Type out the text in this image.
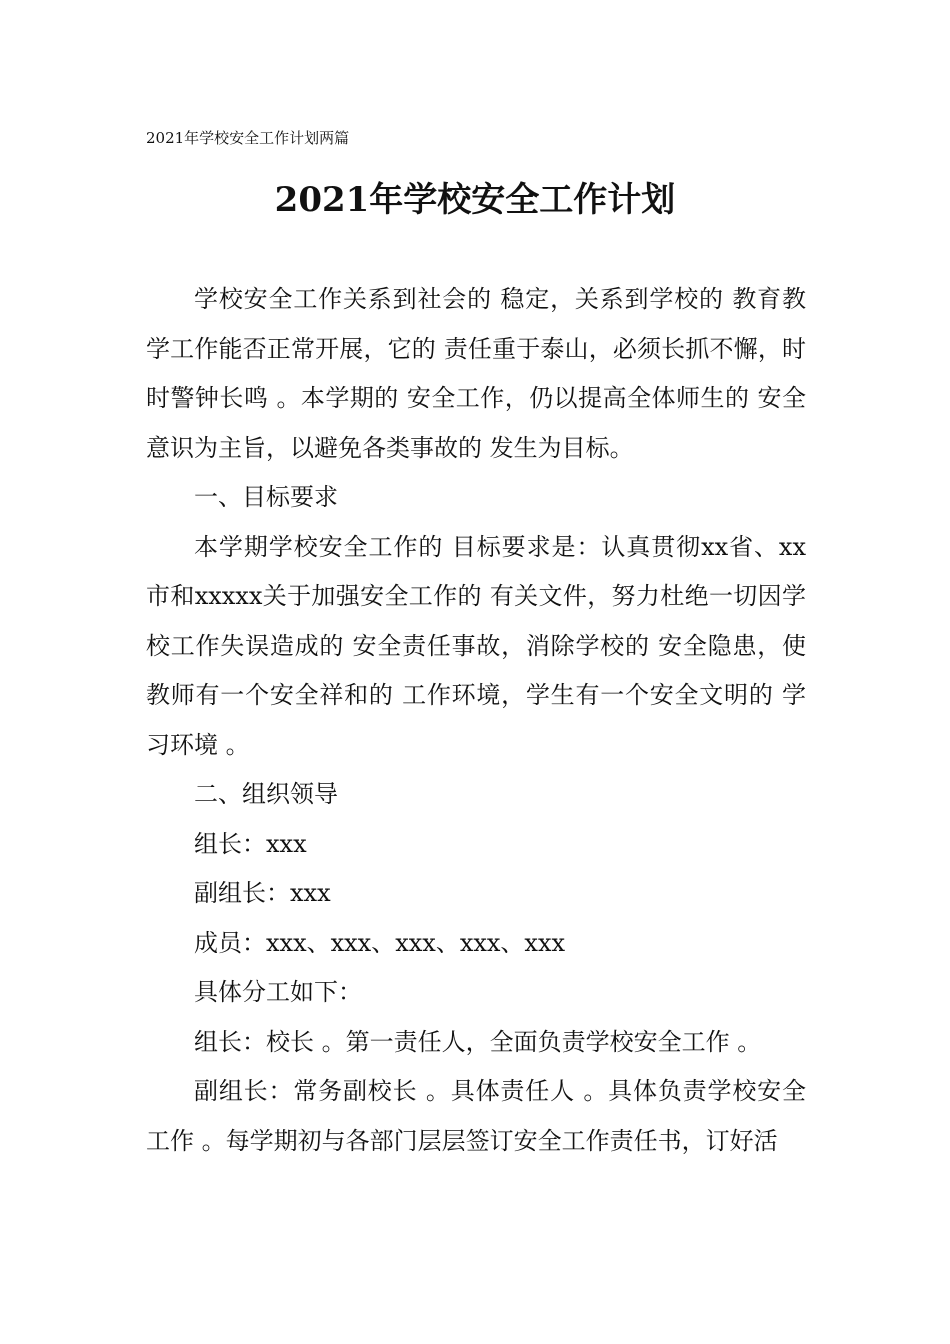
2021年学校安全工作计划两篇
2021年学校安全工作计划

学校安全工作关系到社会的 稳定，关系到学校的 教育教学工作能否正常开展，它的 责任重于泰山，必须长抓不懈，时时警钟长鸣 。本学期的 安全工作，仍以提高全体师生的 安全意识为主旨，以避免各类事故的 发生为目标。

一、目标要求

本学期学校安全工作的 目标要求是：认真贯彻xx省、xx市和xxxxx关于加强安全工作的 有关文件，努力杜绝一切因学校工作失误造成的 安全责任事故，消除学校的 安全隐患，使教师有一个安全祥和的 工作环境，学生有一个安全文明的 学习环境 。

二、组织领导

组长：xxx

副组长：xxx

成员：xxx、xxx、xxx、xxx、xxx

具体分工如下：

组长：校长 。第一责任人，全面负责学校安全工作 。

副组长：常务副校长 。具体责任人 。具体负责学校安全工作 。每学期初与各部门层层签订安全工作责任书，订好活
